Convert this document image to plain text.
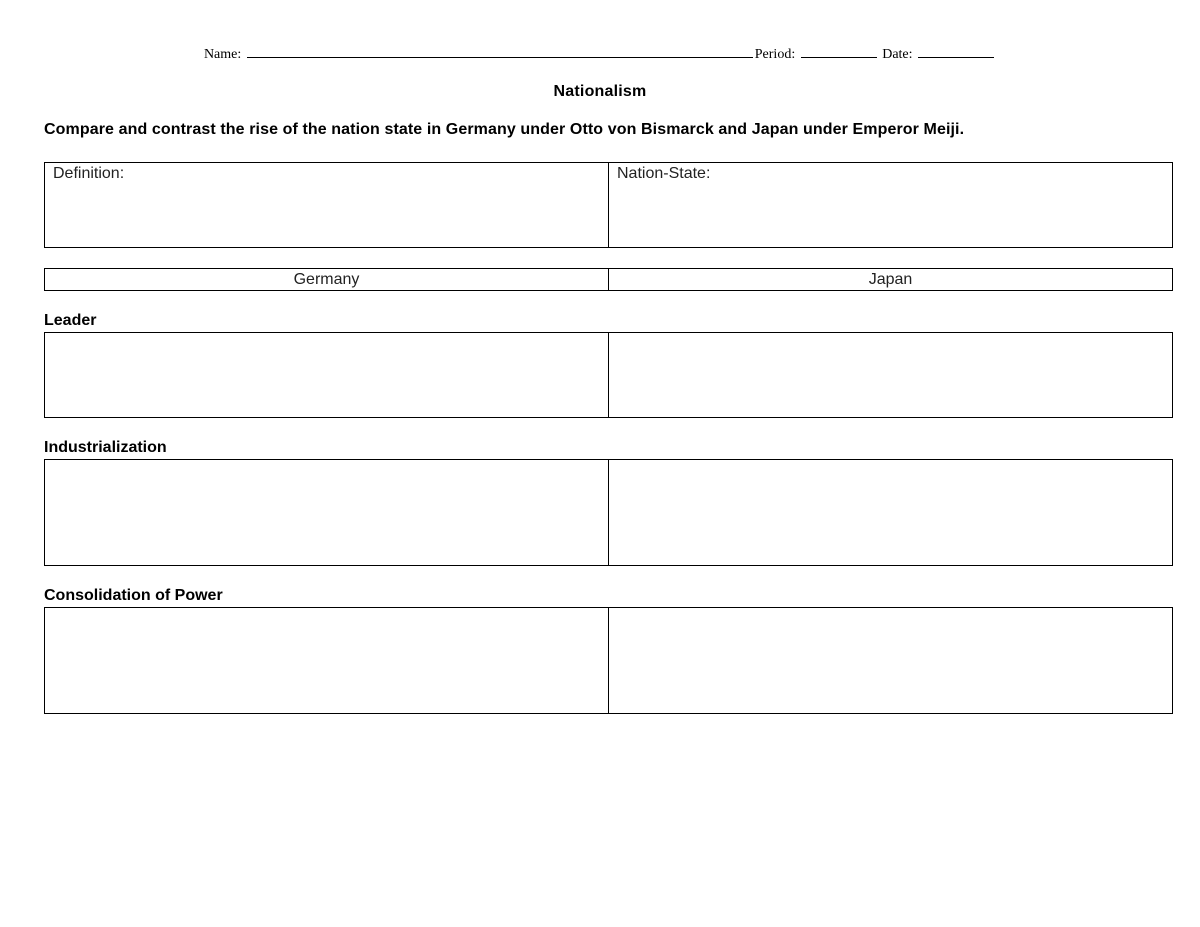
Name:	Period:	Date:
Nationalism
Compare and contrast the rise of the nation state in Germany under Otto von Bismarck and Japan under Emperor Meiji.
Definition:	Nation-State:
Germany	Japan
Leader
Industrialization
Consolidation of Power
